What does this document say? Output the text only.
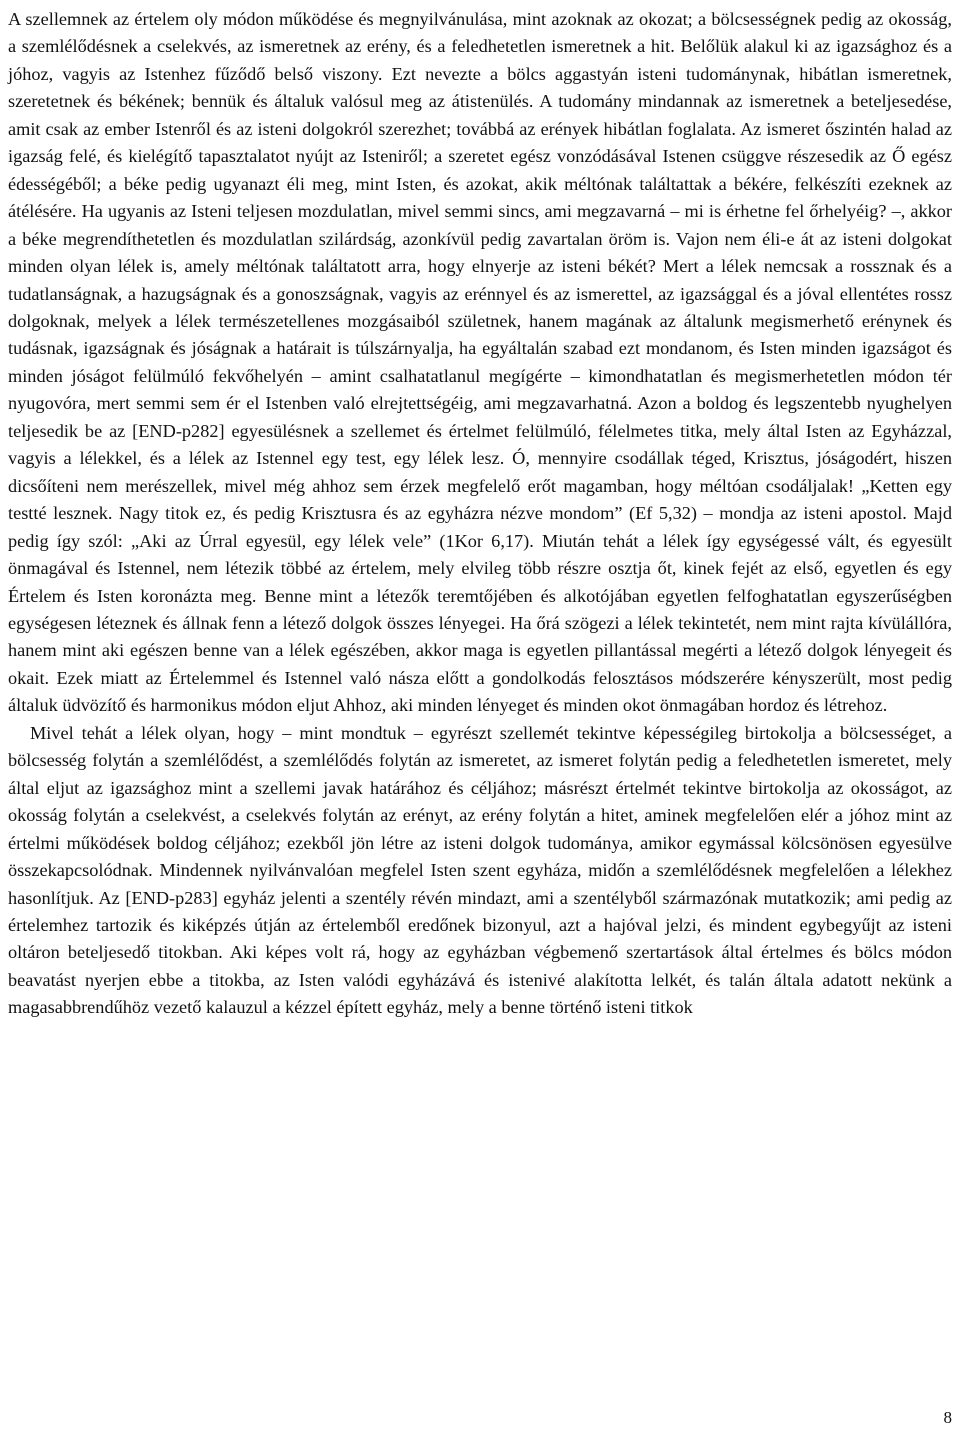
A szellemnek az értelem oly módon működése és megnyilvánulása, mint azoknak az okozat; a bölcsességnek pedig az okosság, a szemlélődésnek a cselekvés, az ismeretnek az erény, és a feledhetetlen ismeretnek a hit. Belőlük alakul ki az igazsághoz és a jóhoz, vagyis az Istenhez fűződő belső viszony. Ezt nevezte a bölcs aggastyán isteni tudománynak, hibátlan ismeretnek, szeretetnek és békének; bennük és általuk valósul meg az átistenülés. A tudomány mindannak az ismeretnek a beteljesedése, amit csak az ember Istenről és az isteni dolgokról szerezhet; továbbá az erények hibátlan foglalata. Az ismeret őszintén halad az igazság felé, és kielégítő tapasztalatot nyújt az Isteniről; a szeretet egész vonzódásával Istenen csüggve részesedik az Ő egész édességéből; a béke pedig ugyanazt éli meg, mint Isten, és azokat, akik méltónak találtattak a békére, felkészíti ezeknek az átélésére. Ha ugyanis az Isteni teljesen mozdulatlan, mivel semmi sincs, ami megzavarná – mi is érhetne fel őrhelyéig? –, akkor a béke megrendíthetetlen és mozdulatlan szilárdság, azonkívül pedig zavartalan öröm is. Vajon nem éli-e át az isteni dolgokat minden olyan lélek is, amely méltónak találtatott arra, hogy elnyerje az isteni békét? Mert a lélek nemcsak a rossznak és a tudatlanságnak, a hazugságnak és a gonoszságnak, vagyis az erénnyel és az ismerettel, az igazsággal és a jóval ellentétes rossz dolgoknak, melyek a lélek természetellenes mozgásaiból születnek, hanem magának az általunk megismerhető erénynek és tudásnak, igazságnak és jóságnak a határait is túlszárnyalja, ha egyáltalán szabad ezt mondanom, és Isten minden igazságot és minden jóságot felülmúló fekvőhelyén – amint csalhatatlanul megígérte – kimondhatatlan és megismerhetetlen módon tér nyugovóra, mert semmi sem ér el Istenben való elrejtettségéig, ami megzavarhatná. Azon a boldog és legszentebb nyughelyen teljesedik be az [END-p282] egyesülésnek a szellemet és értelmet felülmúló, félelmetes titka, mely által Isten az Egyházzal, vagyis a lélekkel, és a lélek az Istennel egy test, egy lélek lesz. Ó, mennyire csodállak téged, Krisztus, jóságodért, hiszen dicsőíteni nem merészellek, mivel még ahhoz sem érzek megfelelő erőt magamban, hogy méltóan csodáljalak! „Ketten egy testté lesznek. Nagy titok ez, és pedig Krisztusra és az egyházra nézve mondom” (Ef 5,32) – mondja az isteni apostol. Majd pedig így szól: „Aki az Úrral egyesül, egy lélek vele” (1Kor 6,17). Miután tehát a lélek így egységessé vált, és egyesült önmagával és Istennel, nem létezik többé az értelem, mely elvileg több részre osztja őt, kinek fejét az első, egyetlen és egy Értelem és Isten koronázta meg. Benne mint a létezők teremtőjében és alkotójában egyetlen felfoghatatlan egyszerűségben egységesen léteznek és állnak fenn a létező dolgok összes lényegei. Ha őrá szögezi a lélek tekintetét, nem mint rajta kívülállóra, hanem mint aki egészen benne van a lélek egészében, akkor maga is egyetlen pillantással megérti a létező dolgok lényegeit és okait. Ezek miatt az Értelemmel és Istennel való násza előtt a gondolkodás felosztásos módszerére kényszerült, most pedig általuk üdvözítő és harmonikus módon eljut Ahhoz, aki minden lényeget és minden okot önmagában hordoz és létrehoz.

Mivel tehát a lélek olyan, hogy – mint mondtuk – egyrészt szellemét tekintve képességileg birtokolja a bölcsességet, a bölcsesség folytán a szemlélődést, a szemlélődés folytán az ismeretet, az ismeret folytán pedig a feledhetetlen ismeretet, mely által eljut az igazsághoz mint a szellemi javak határához és céljához; másrészt értelmét tekintve birtokolja az okosságot, az okosság folytán a cselekvést, a cselekvés folytán az erényt, az erény folytán a hitet, aminek megfelelően elér a jóhoz mint az értelmi működések boldog céljához; ezekből jön létre az isteni dolgok tudománya, amikor egymással kölcsönösen egyesülve összekapcsolódnak. Mindennek nyilvánvalóan megfelel Isten szent egyháza, midőn a szemlélődésnek megfelelően a lélekhez hasonlítjuk. Az [END-p283] egyház jelenti a szentély révén mindazt, ami a szentélyből származónak mutatkozik; ami pedig az értelemhez tartozik és kiképzés útján az értelemből eredőnek bizonyul, azt a hajóval jelzi, és mindent egybegyűjt az isteni oltáron beteljesedő titokban. Aki képes volt rá, hogy az egyházban végbemenő szertartások által értelmes és bölcs módon beavatást nyerjen ebbe a titokba, az Isten valódi egyházává és istenivé alakította lelkét, és talán általa adatott nekünk a magasabbrendűhöz vezető kalauzul a kézzel épített egyház, mely a benne történő isteni titkok

8
